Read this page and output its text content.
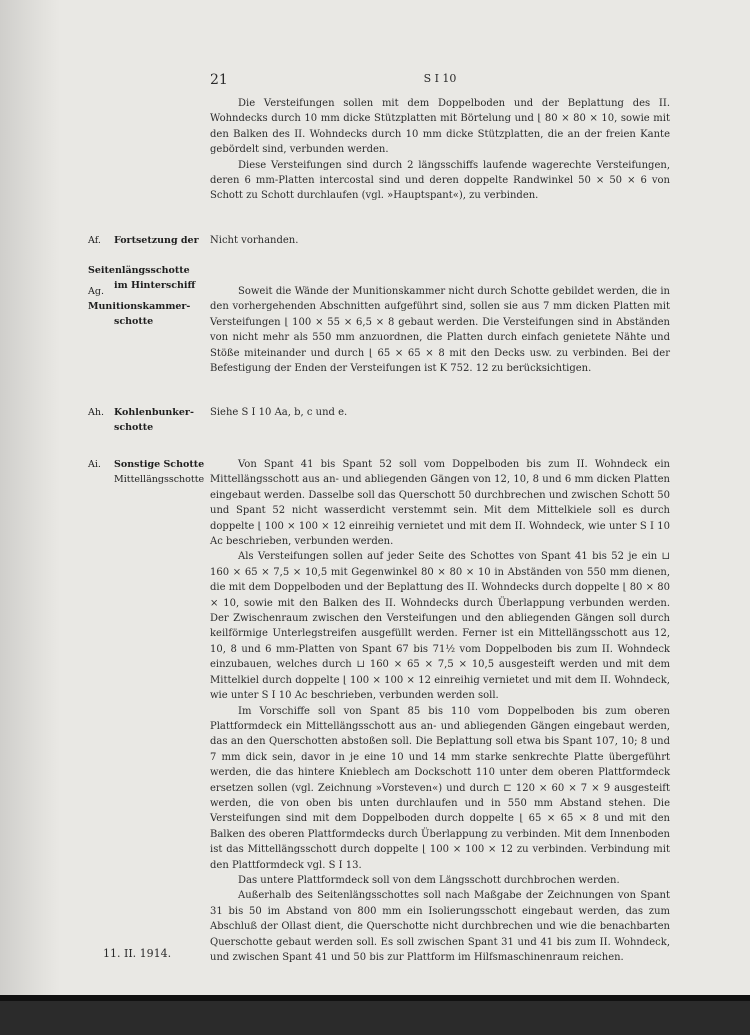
21	S I 10

Die Versteifungen sollen mit dem Doppelboden und der Beplattung des II. Wohndecks durch 10 mm dicke Stützplatten mit Börtelung und ⌊ 80 × 80 × 10, sowie mit den Balken des II. Wohndecks durch 10 mm dicke Stützplatten, die an der freien Kante gebördelt sind, verbunden werden.

Diese Versteifungen sind durch 2 längsschiffs laufende wagerechte Versteifungen, deren 6 mm-Platten intercostal sind und deren doppelte Randwinkel 50 × 50 × 6 von Schott zu Schott durchlaufen (vgl. »Hauptspant«), zu verbinden.

Af. Fortsetzung der
Seitenlängsschotte
im Hinterschiff

Nicht vorhanden.

Ag.Munitionskammer-
schotte

Soweit die Wände der Munitionskammer nicht durch Schotte gebildet werden, die in den vorhergehenden Abschnitten aufgeführt sind, sollen sie aus 7 mm dicken Platten mit Versteifungen ⌊ 100 × 55 × 6,5 × 8 gebaut werden. Die Versteifungen sind in Abständen von nicht mehr als 550 mm anzuordnen, die Platten durch einfach genietete Nähte und Stöße miteinander und durch ⌊ 65 × 65 × 8 mit den Decks usw. zu verbinden. Bei der Befestigung der Enden der Versteifungen ist K 752. 12 zu berücksichtigen.

Ah. Kohlenbunker-
schotte

Siehe S I 10 Aa, b, c und e.

Ai. Sonstige Schotte
Mittellängsschotte

Von Spant 41 bis Spant 52 soll vom Doppelboden bis zum II. Wohndeck ein Mittellängsschott aus an- und abliegenden Gängen von 12, 10, 8 und 6 mm dicken Platten eingebaut werden. Dasselbe soll das Querschott 50 durchbrechen und zwischen Schott 50 und Spant 52 nicht wasserdicht verstemmt sein. Mit dem Mittelkiele soll es durch doppelte ⌊ 100 × 100 × 12 einreihig vernietet und mit dem II. Wohndeck, wie unter S I 10 Ac beschrieben, verbunden werden.

Als Versteifungen sollen auf jeder Seite des Schottes von Spant 41 bis 52 je ein ⊔ 160 × 65 × 7,5 × 10,5 mit Gegenwinkel 80 × 80 × 10 in Abständen von 550 mm dienen, die mit dem Doppelboden und der Beplattung des II. Wohndecks durch doppelte ⌊ 80 × 80 × 10, sowie mit den Balken des II. Wohndecks durch Überlappung verbunden werden. Der Zwischenraum zwischen den Versteifungen und den abliegenden Gängen soll durch keilförmige Unterlegstreifen ausgefüllt werden. Ferner ist ein Mittellängsschott aus 12, 10, 8 und 6 mm-Platten von Spant 67 bis 71½ vom Doppelboden bis zum II. Wohndeck einzubauen, welches durch ⊔ 160 × 65 × 7,5 × 10,5 ausgesteift werden und mit dem Mittelkiel durch doppelte ⌊ 100 × 100 × 12 einreihig vernietet und mit dem II. Wohndeck, wie unter S I 10 Ac beschrieben, verbunden werden soll.

Im Vorschiffe soll von Spant 85 bis 110 vom Doppelboden bis zum oberen Plattformdeck ein Mittellängsschott aus an- und abliegenden Gängen eingebaut werden, das an den Querschotten abstoßen soll. Die Beplattung soll etwa bis Spant 107, 10; 8 und 7 mm dick sein, davor in je eine 10 und 14 mm starke senkrechte Platte übergeführt werden, die das hintere Knieblech am Dockschott 110 unter dem oberen Plattformdeck ersetzen sollen (vgl. Zeichnung »Vorsteven«) und durch ⊏ 120 × 60 × 7 × 9 ausgesteift werden, die von oben bis unten durchlaufen und in 550 mm Abstand stehen. Die Versteifungen sind mit dem Doppelboden durch doppelte ⌊ 65 × 65 × 8 und mit den Balken des oberen Plattformdecks durch Überlappung zu verbinden. Mit dem Innenboden ist das Mittellängsschott durch doppelte ⌊ 100 × 100 × 12 zu verbinden. Verbindung mit den Plattformdeck vgl. S I 13.

Das untere Plattformdeck soll von dem Längsschott durchbrochen werden.

Außerhalb des Seitenlängsschottes soll nach Maßgabe der Zeichnungen von Spant 31 bis 50 im Abstand von 800 mm ein Isolierungsschott eingebaut werden, das zum Abschluß der Ollast dient, die Querschotte nicht durchbrechen und wie die benachbarten Querschotte gebaut werden soll. Es soll zwischen Spant 31 und 41 bis zum II. Wohndeck, und zwischen Spant 41 und 50 bis zur Plattform im Hilfsmaschinenraum reichen.

11. II. 1914.
